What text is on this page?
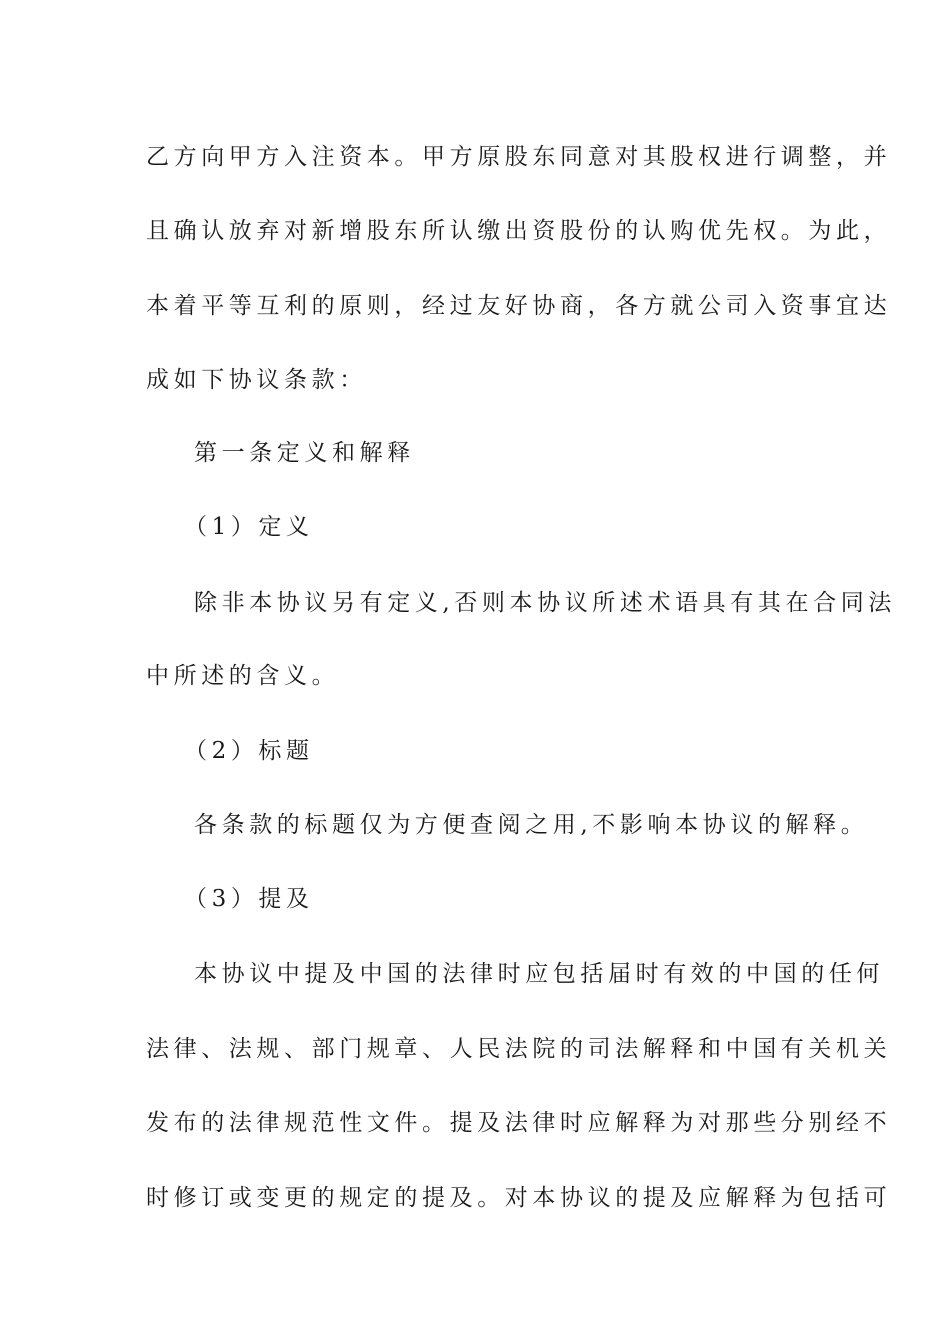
乙方向甲方入注资本。甲方原股东同意对其股权进行调整，并
且确认放弃对新增股东所认缴出资股份的认购优先权。为此，
本着平等互利的原则，经过友好协商，各方就公司入资事宜达
成如下协议条款：
第一条定义和解释
（1）定义
除非本协议另有定义,否则本协议所述术语具有其在合同法
中所述的含义。
（2）标题
各条款的标题仅为方便查阅之用,不影响本协议的解释。
（3）提及
本协议中提及中国的法律时应包括届时有效的中国的任何
法律、法规、部门规章、人民法院的司法解释和中国有关机关
发布的法律规范性文件。提及法律时应解释为对那些分别经不
时修订或变更的规定的提及。对本协议的提及应解释为包括可
